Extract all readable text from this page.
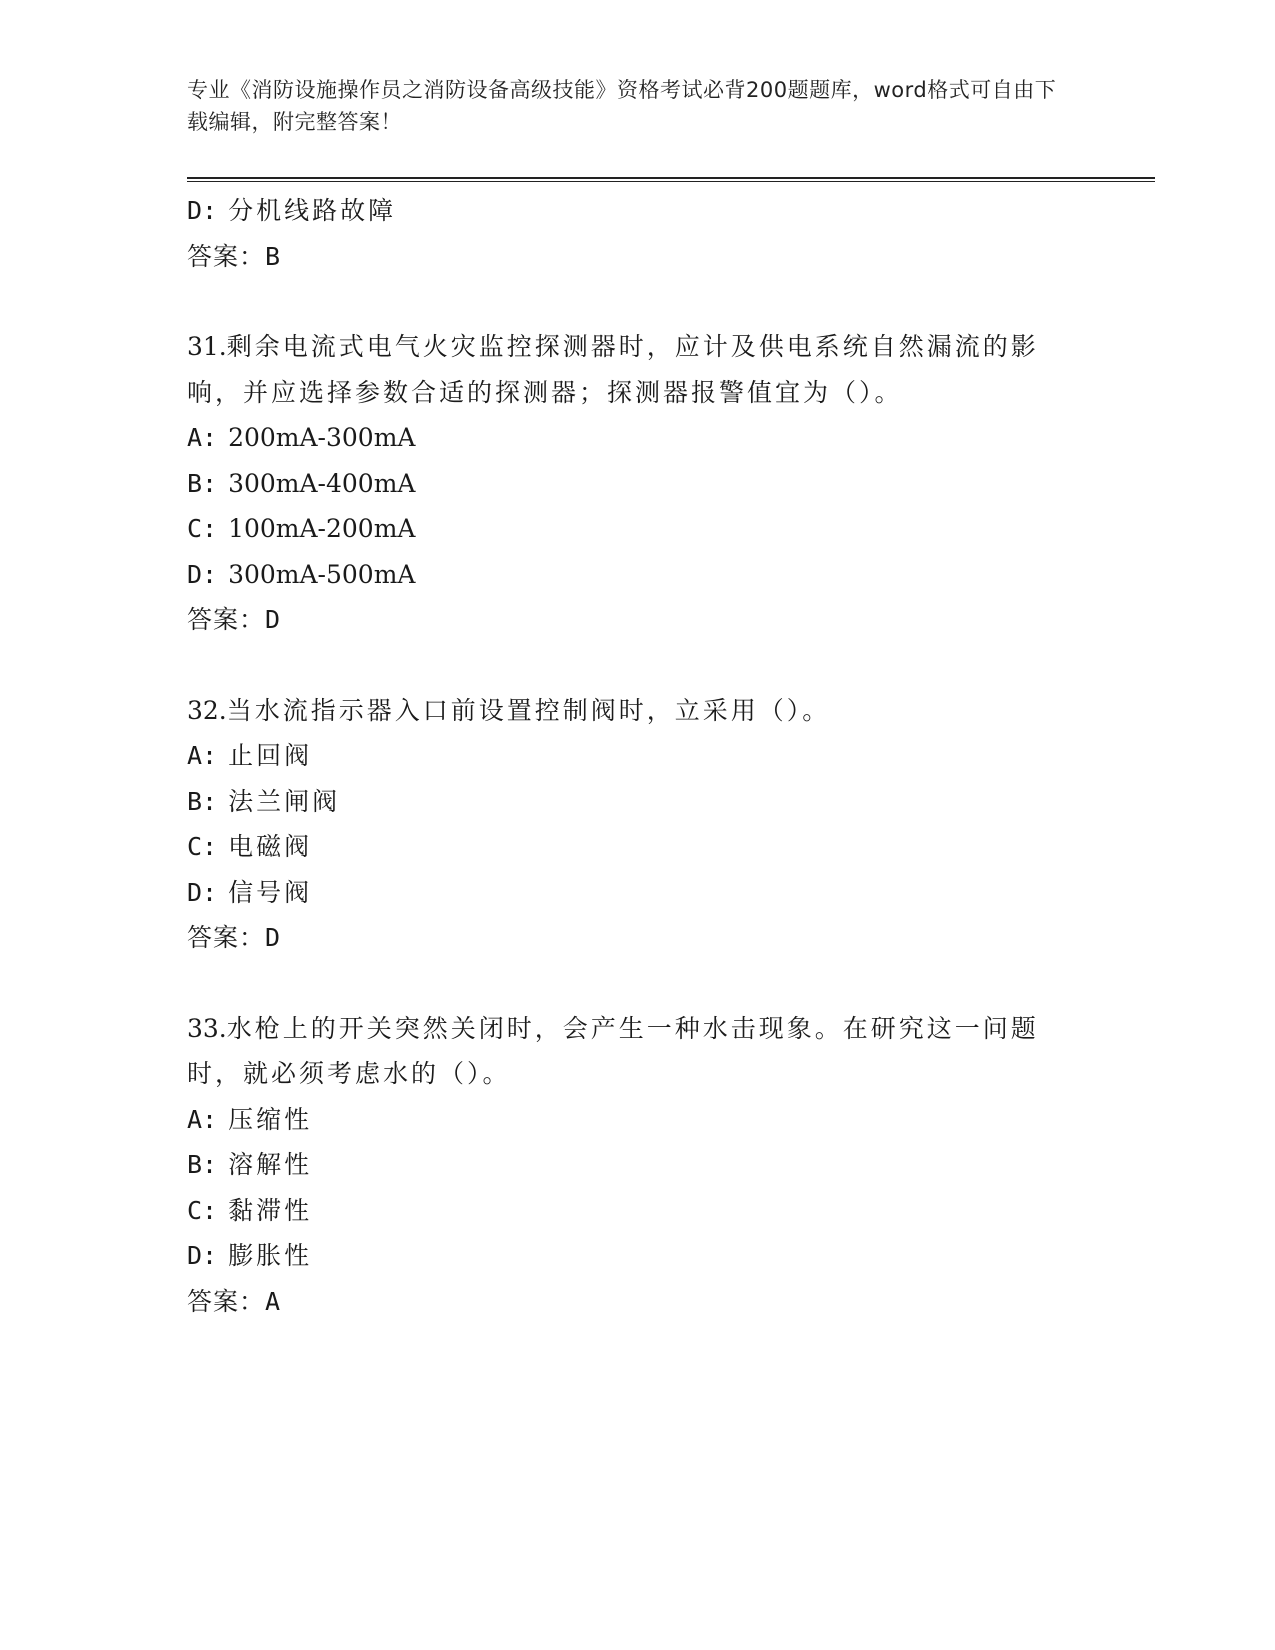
专业《消防设施操作员之消防设备高级技能》资格考试必背200题题库，word格式可自由下载编辑，附完整答案！
D: 分机线路故障
答案：B
31.剩余电流式电气火灾监控探测器时，应计及供电系统自然漏流的影
响，并应选择参数合适的探测器；探测器报警值宜为（）。
A: 200mA-300mA
B: 300mA-400mA
C: 100mA-200mA
D: 300mA-500mA
答案：D
32.当水流指示器入口前设置控制阀时，立采用（）。
A: 止回阀
B: 法兰闸阀
C: 电磁阀
D: 信号阀
答案：D
33.水枪上的开关突然关闭时，会产生一种水击现象。在研究这一问题
时，就必须考虑水的（）。
A: 压缩性
B: 溶解性
C: 黏滞性
D: 膨胀性
答案：A
